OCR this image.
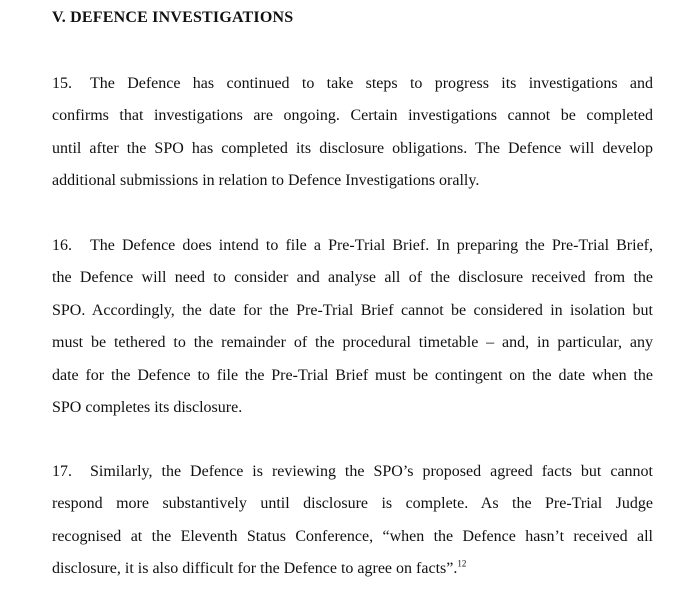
V. DEFENCE INVESTIGATIONS
15. The Defence has continued to take steps to progress its investigations and
confirms that investigations are ongoing. Certain investigations cannot be completed
until after the SPO has completed its disclosure obligations. The Defence will develop
additional submissions in relation to Defence Investigations orally.
16. The Defence does intend to file a Pre-Trial Brief. In preparing the Pre-Trial Brief,
the Defence will need to consider and analyse all of the disclosure received from the
SPO. Accordingly, the date for the Pre-Trial Brief cannot be considered in isolation but
must be tethered to the remainder of the procedural timetable – and, in particular, any
date for the Defence to file the Pre-Trial Brief must be contingent on the date when the
SPO completes its disclosure.
17. Similarly, the Defence is reviewing the SPO’s proposed agreed facts but cannot
respond more substantively until disclosure is complete. As the Pre-Trial Judge
recognised at the Eleventh Status Conference, “when the Defence hasn’t received all
disclosure, it is also difficult for the Defence to agree on facts”.$^{12}$
